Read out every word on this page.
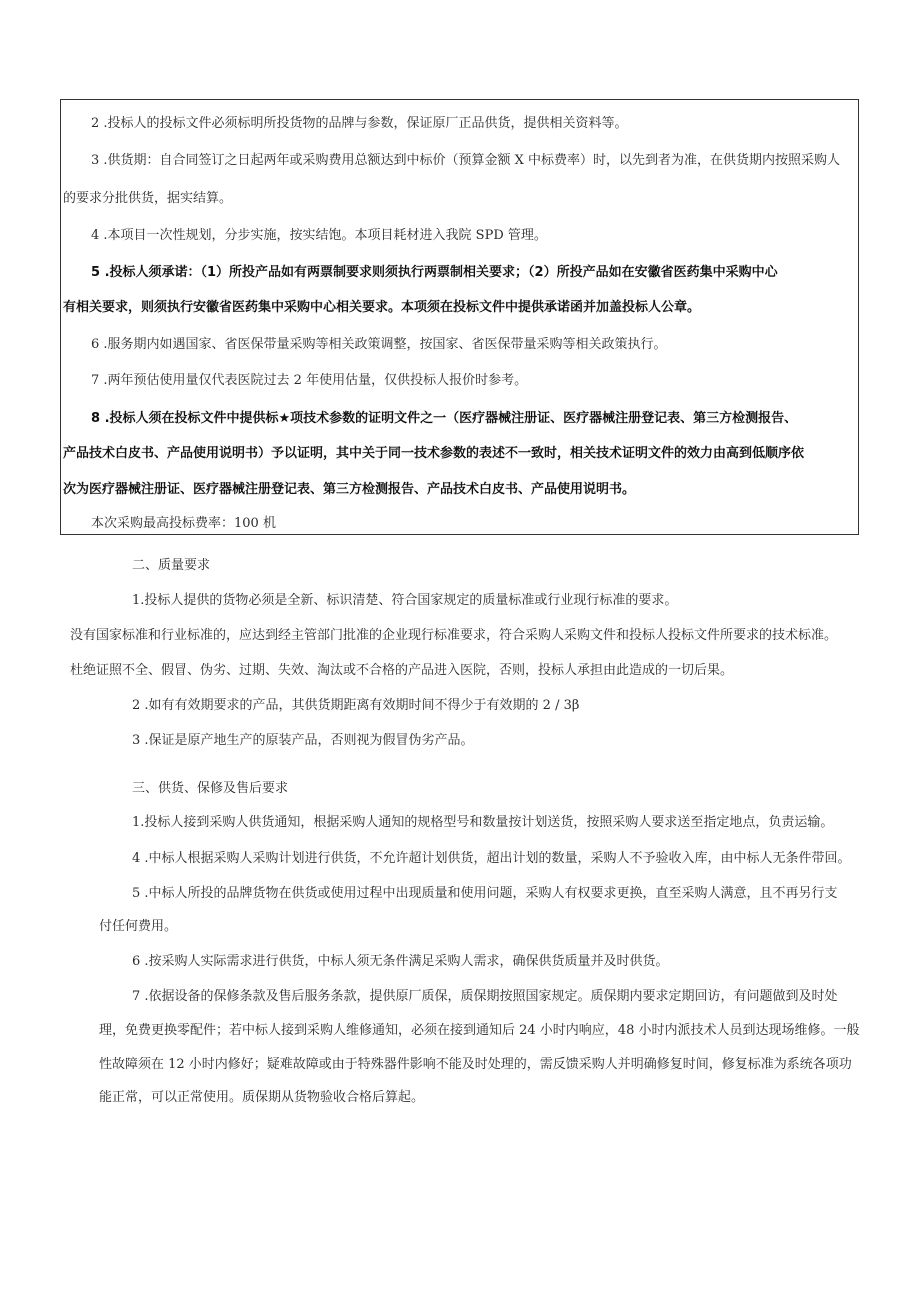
2 .投标人的投标文件必须标明所投货物的品牌与参数，保证原厂正品供货，提供相关资料等。

3 .供货期：自合同签订之日起两年或采购费用总额达到中标价（预算金额 X 中标费率）时，以先到者为准，在供货期内按照采购人

的要求分批供货，据实结算。

4 .本项目一次性规划，分步实施，按实结饱。本项目耗材进入我院 SPD 管理。

5 .投标人须承诺：（1）所投产品如有两票制要求则须执行两票制相关要求；（2）所投产品如在安徽省医药集中采购中心

有相关要求，则须执行安徽省医药集中采购中心相关要求。本项须在投标文件中提供承诺函并加盖投标人公章。

6 .服务期内如遇国家、省医保带量采购等相关政策调整，按国家、省医保带量采购等相关政策执行。

7 .两年预估使用量仅代表医院过去 2 年使用估量，仅供投标人报价时参考。

8 .投标人须在投标文件中提供标★项技术参数的证明文件之一（医疗器械注册证、医疗器械注册登记表、第三方检测报告、

产品技术白皮书、产品使用说明书）予以证明，其中关于同一技术参数的表述不一致时，相关技术证明文件的效力由高到低顺序依

次为医疗器械注册证、医疗器械注册登记表、第三方检测报告、产品技术白皮书、产品使用说明书。

本次采购最高投标费率：100 机

二、质量要求

1.投标人提供的货物必须是全新、标识清楚、符合国家规定的质量标准或行业现行标准的要求。

没有国家标准和行业标准的，应达到经主管部门批准的企业现行标准要求，符合采购人采购文件和投标人投标文件所要求的技术标准。

杜绝证照不全、假冒、伪劣、过期、失效、淘汰或不合格的产品进入医院，否则，投标人承担由此造成的一切后果。

2 .如有有效期要求的产品，其供货期距离有效期时间不得少于有效期的 2 / 3β

3 .保证是原产地生产的原装产品，否则视为假冒伪劣产品。

三、供货、保修及售后要求

1.投标人接到采购人供货通知，根据采购人通知的规格型号和数量按计划送货，按照采购人要求送至指定地点，负责运输。

4 .中标人根据采购人采购计划进行供货，不允许超计划供货，超出计划的数量，采购人不予验收入库，由中标人无条件带回。

5 .中标人所投的品牌货物在供货或使用过程中出现质量和使用问题，采购人有权要求更换，直至采购人满意，且不再另行支

付任何费用。

6 .按采购人实际需求进行供货，中标人须无条件满足采购人需求，确保供货质量并及时供货。

7 .依据设备的保修条款及售后服务条款，提供原厂质保，质保期按照国家规定。质保期内要求定期回访，有问题做到及时处

理，免费更换零配件；若中标人接到采购人维修通知，必须在接到通知后 24 小时内响应，48 小时内派技术人员到达现场维修。一般

性故障须在 12 小时内修好；疑难故障或由于特殊器件影响不能及时处理的，需反馈采购人并明确修复时间，修复标准为系统各项功

能正常，可以正常使用。质保期从货物验收合格后算起。
